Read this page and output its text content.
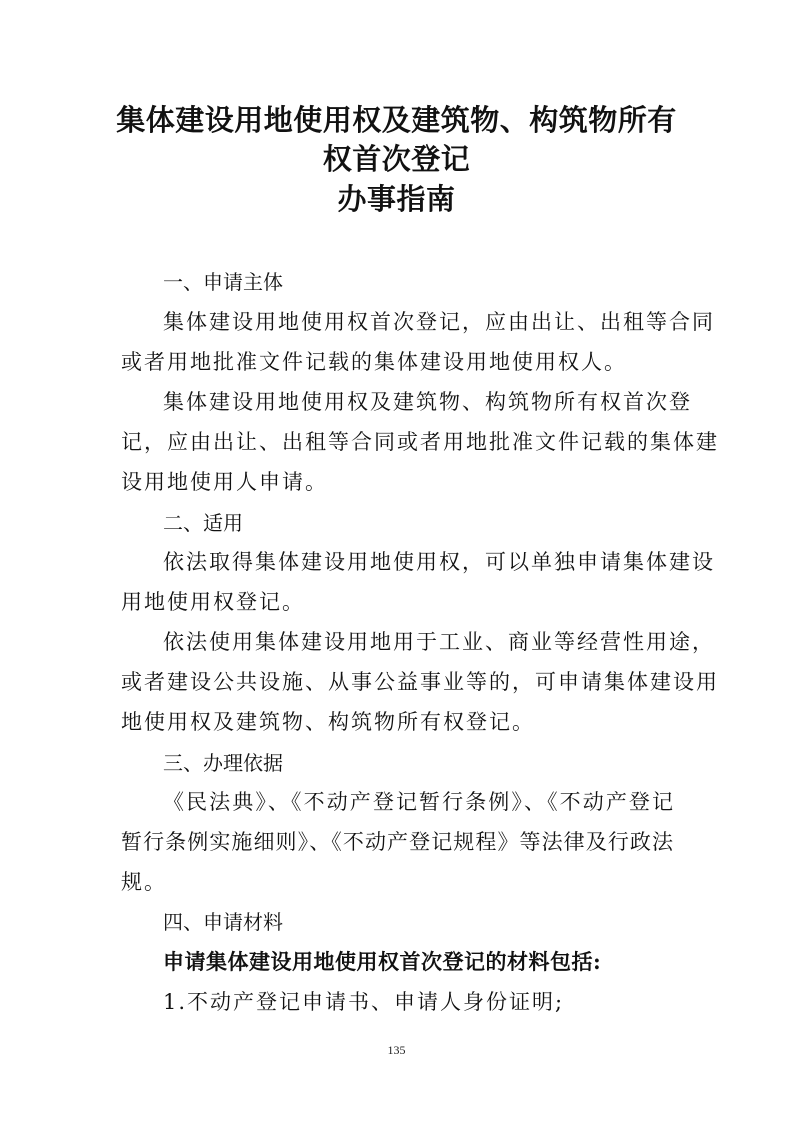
集体建设用地使用权及建筑物、构筑物所有
权首次登记
办事指南
一、申请主体
集体建设用地使用权首次登记，应由出让、出租等合同
或者用地批准文件记载的集体建设用地使用权人。
集体建设用地使用权及建筑物、构筑物所有权首次登
记，应由出让、出租等合同或者用地批准文件记载的集体建
设用地使用人申请。
二、适用
依法取得集体建设用地使用权，可以单独申请集体建设
用地使用权登记。
依法使用集体建设用地用于工业、商业等经营性用途，
或者建设公共设施、从事公益事业等的，可申请集体建设用
地使用权及建筑物、构筑物所有权登记。
三、办理依据
《民法典》、《不动产登记暂行条例》、《不动产登记
暂行条例实施细则》、《不动产登记规程》等法律及行政法
规。
四、申请材料
申请集体建设用地使用权首次登记的材料包括:
1.不动产登记申请书、申请人身份证明;
135
